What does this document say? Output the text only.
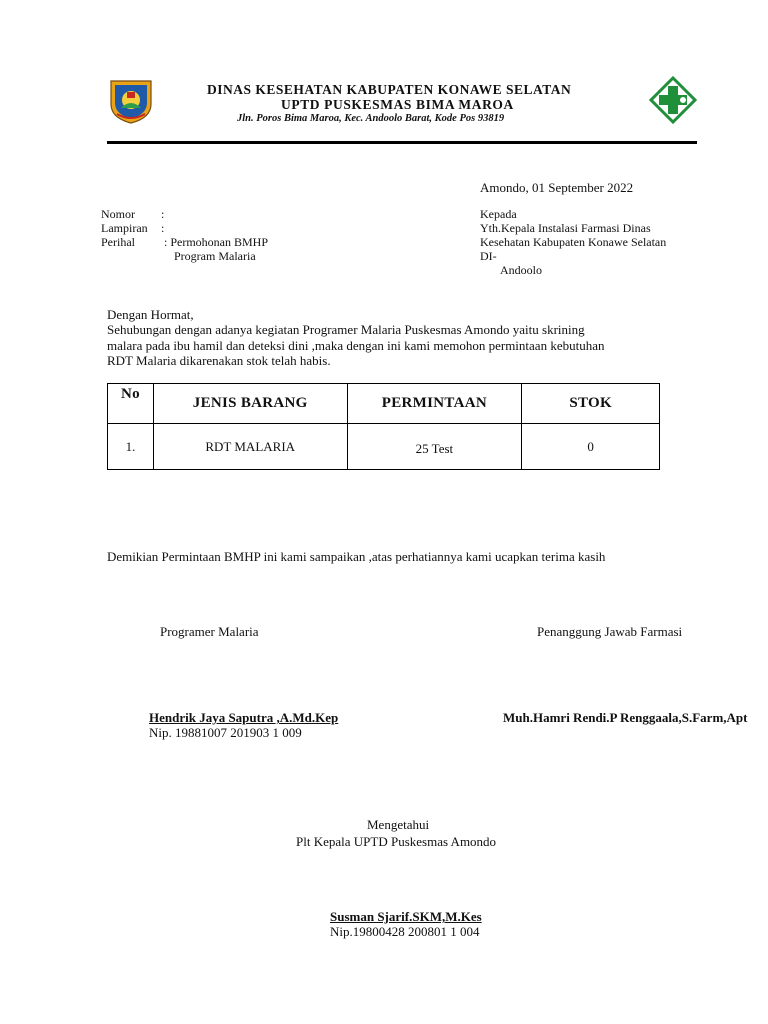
DINAS KESEHATAN KABUPATEN KONAWE SELATAN
UPTD PUSKESMAS BIMA MAROA
Jln. Poros Bima Maroa, Kec. Andoolo Barat, Kode Pos 93819
Amondo, 01 September 2022
Nomor :
Lampiran :
Perihal : Permohonan BMHP
Program Malaria
Kepada
Yth.Kepala Instalasi Farmasi Dinas
Kesehatan Kabupaten Konawe Selatan
DI-
Andoolo
Dengan Hormat,
Sehubungan dengan adanya kegiatan Programer Malaria Puskesmas Amondo yaitu skrining
malara pada ibu hamil dan deteksi dini ,maka dengan ini kami memohon permintaan kebutuhan
RDT Malaria dikarenakan stok telah habis.
No	JENIS BARANG	PERMINTAAN	STOK
1.	RDT MALARIA	25 Test	0
Demikian Permintaan BMHP ini kami sampaikan ,atas perhatiannya kami ucapkan terima kasih
Programer Malaria	Penanggung Jawab Farmasi
Hendrik Jaya Saputra ,A.Md.Kep
Nip. 19881007 201903 1 009
Muh.Hamri Rendi.P Renggaala,S.Farm,Apt
Mengetahui
Plt Kepala UPTD Puskesmas Amondo
Susman Sjarif.SKM,M.Kes
Nip.19800428 200801 1 004
